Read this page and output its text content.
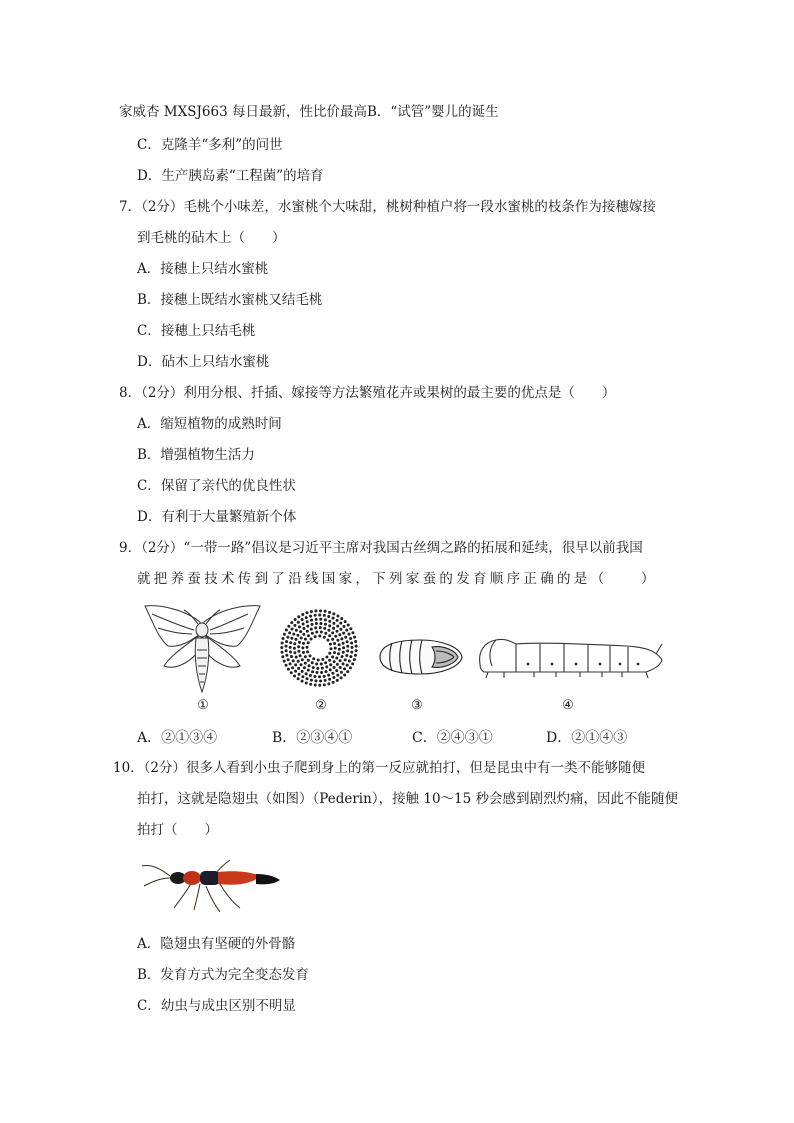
家威杏 MXSJ663 每日最新，性比价最高B．“试管”婴儿的诞生
C．克隆羊“多利”的问世
D．生产胰岛素“工程菌”的培育
7．（2分）毛桃个小味差，水蜜桃个大味甜，桃树种植户将一段水蜜桃的枝条作为接穗嫁接
到毛桃的砧木上（　　）
A．接穗上只结水蜜桃
B．接穗上既结水蜜桃又结毛桃
C．接穗上只结毛桃
D．砧木上只结水蜜桃
8．（2分）利用分根、扦插、嫁接等方法繁殖花卉或果树的最主要的优点是（　　）
A．缩短植物的成熟时间
B．增强植物生活力
C．保留了亲代的优良性状
D．有利于大量繁殖新个体
9．（2分）“一带一路”倡议是习近平主席对我国古丝绸之路的拓展和延续，很早以前我国
就把养蚕技术传到了沿线国家，下列家蚕的发育顺序正确的是（　　）
①	②	③	④
A．②①③④	B．②③④①	C．②④③①	D．②①④③
10．（2分）很多人看到小虫子爬到身上的第一反应就拍打，但是昆虫中有一类不能够随便
拍打，这就是隐翅虫（如图）（Pederin），接触 10～15 秒会感到剧烈灼痛，因此不能随便
拍打（　　）
A．隐翅虫有坚硬的外骨骼
B．发育方式为完全变态发育
C．幼虫与成虫区别不明显
